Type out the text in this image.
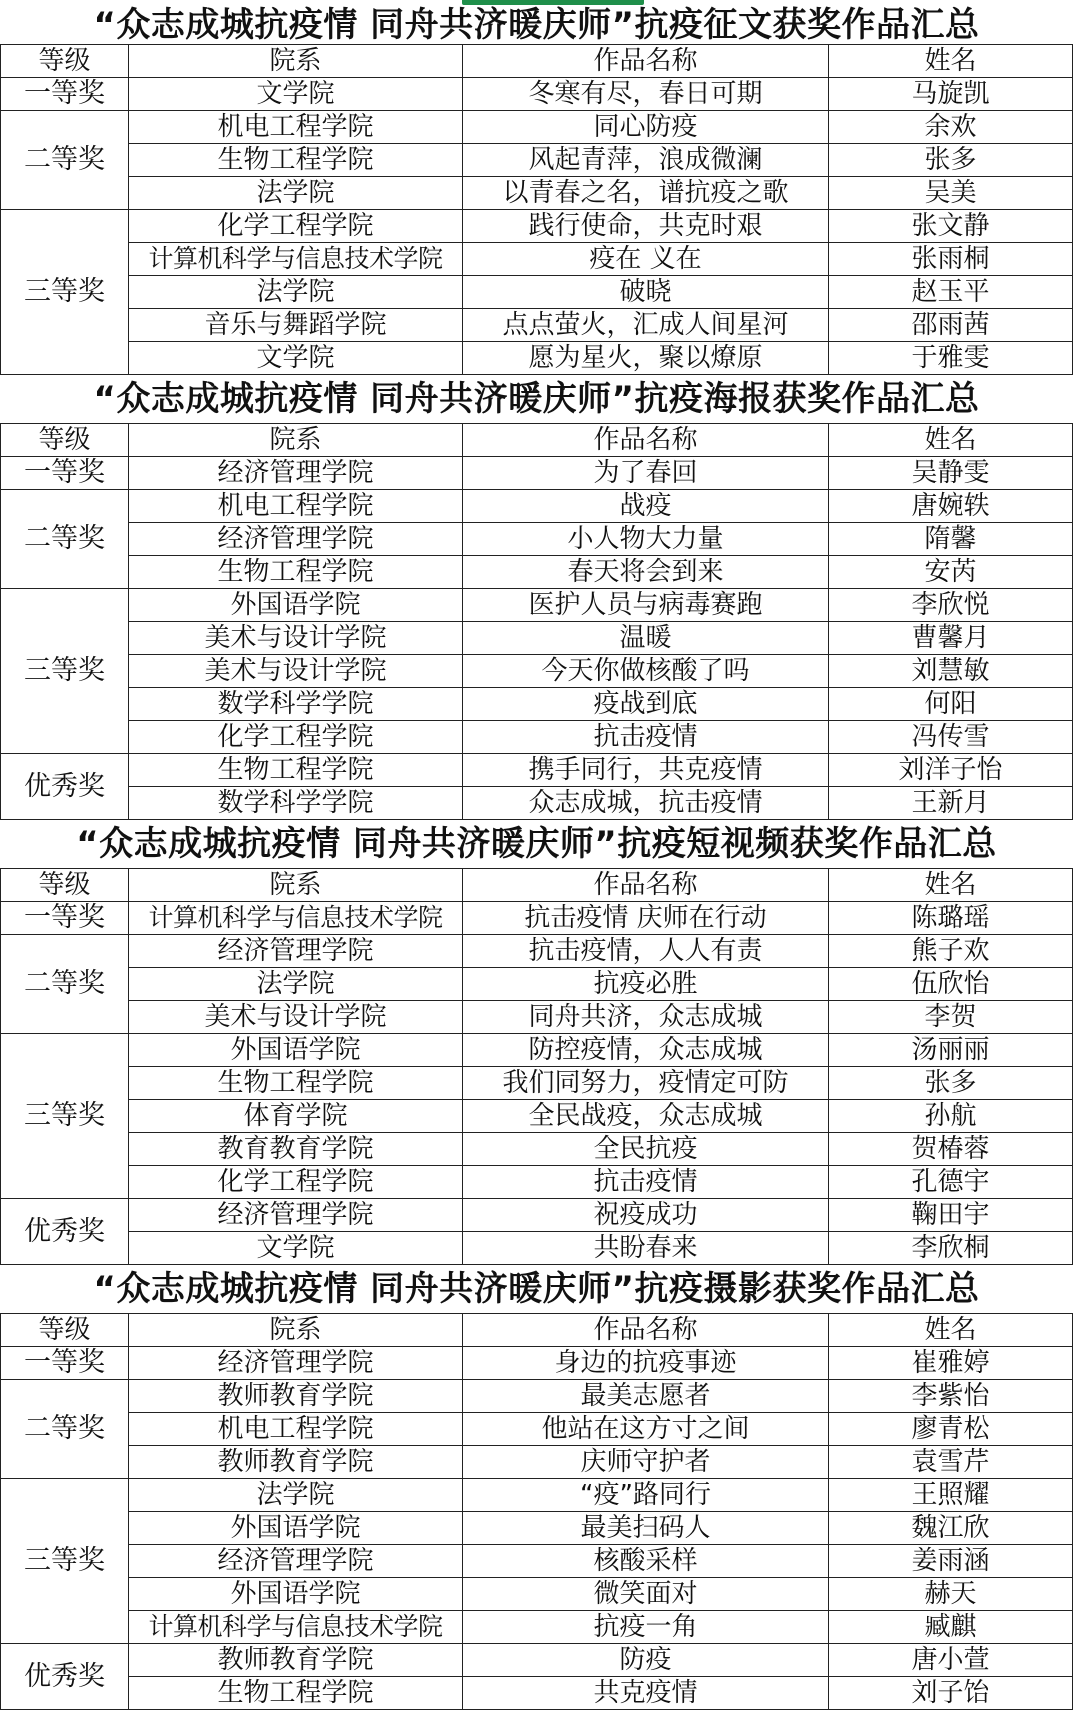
“众志成城抗疫情 同舟共济暖庆师”抗疫征文获奖作品汇总
等级	院系	作品名称	姓名
一等奖	文学院	冬寒有尽，春日可期	马旋凯
二等奖	机电工程学院	同心防疫	余欢
	生物工程学院	风起青萍，浪成微澜	张多
	法学院	以青春之名，谱抗疫之歌	吴美
三等奖	化学工程学院	践行使命，共克时艰	张文静
	计算机科学与信息技术学院	疫在 义在	张雨桐
	法学院	破晓	赵玉平
	音乐与舞蹈学院	点点萤火，汇成人间星河	邵雨茜
	文学院	愿为星火，聚以燎原	于雅雯
“众志成城抗疫情 同舟共济暖庆师”抗疫海报获奖作品汇总
等级	院系	作品名称	姓名
一等奖	经济管理学院	为了春回	吴静雯
二等奖	机电工程学院	战疫	唐婉轶
	经济管理学院	小人物大力量	隋馨
	生物工程学院	春天将会到来	安芮
三等奖	外国语学院	医护人员与病毒赛跑	李欣悦
	美术与设计学院	温暖	曹馨月
	美术与设计学院	今天你做核酸了吗	刘慧敏
	数学科学学院	疫战到底	何阳
	化学工程学院	抗击疫情	冯传雪
优秀奖	生物工程学院	携手同行，共克疫情	刘洋子怡
	数学科学学院	众志成城，抗击疫情	王新月
“众志成城抗疫情 同舟共济暖庆师”抗疫短视频获奖作品汇总
等级	院系	作品名称	姓名
一等奖	计算机科学与信息技术学院	抗击疫情 庆师在行动	陈璐瑶
二等奖	经济管理学院	抗击疫情，人人有责	熊子欢
	法学院	抗疫必胜	伍欣怡
	美术与设计学院	同舟共济，众志成城	李贺
三等奖	外国语学院	防控疫情，众志成城	汤丽丽
	生物工程学院	我们同努力，疫情定可防	张多
	体育学院	全民战疫，众志成城	孙航
	教育教育学院	全民抗疫	贺椿蓉
	化学工程学院	抗击疫情	孔德宇
优秀奖	经济管理学院	祝疫成功	鞠田宇
	文学院	共盼春来	李欣桐
“众志成城抗疫情 同舟共济暖庆师”抗疫摄影获奖作品汇总
等级	院系	作品名称	姓名
一等奖	经济管理学院	身边的抗疫事迹	崔雅婷
二等奖	教师教育学院	最美志愿者	李紫怡
	机电工程学院	他站在这方寸之间	廖青松
	教师教育学院	庆师守护者	袁雪芹
三等奖	法学院	“疫”路同行	王照耀
	外国语学院	最美扫码人	魏江欣
	经济管理学院	核酸采样	姜雨涵
	外国语学院	微笑面对	赫天
	计算机科学与信息技术学院	抗疫一角	臧麒
优秀奖	教师教育学院	防疫	唐小萱
	生物工程学院	共克疫情	刘子饴
